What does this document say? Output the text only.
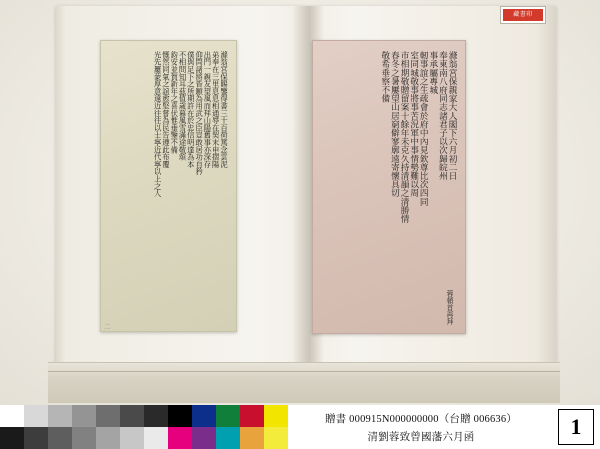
滌翁宮保賜鑒得書三十百荷篤念雲泥
弟奉在三里息息相通辱在契末申摺陽
出門一親友望風而拜山陽舊事亦深存
仰問諸將皆願為用武之臣豈敢居功自矜
僕與足下之所期許在於忠信明達為本
不相問知耳茲值歲暮風雪滿途敬頌
鈞安並賀新年之喜伏惟垂鑒不備
慨然同氣之誼愈堅嘗為民告遵此布覆
光先屢蒙厚意遠近往往以士寧近代寧以上之人	滌翁宮保親家大人閣下六月初二日
奉東南八府同志諸君子以次歸皖州
事承屬專城
軔事誼之生疏會於府中內見欽尊比次四同
室同城敬事將事苦況軍中事情勢難以周
市相期敬贈留案十餘年未克久持清韻之清勝情
春冬之暑屢望山居窮僻寥廓遠寄懷具切
敬希垂察不備
蓉頓首再拜
二
藏書印
贈書 000915N000000000（台贈 006636）
清劉蓉致曾國藩六月函	1
